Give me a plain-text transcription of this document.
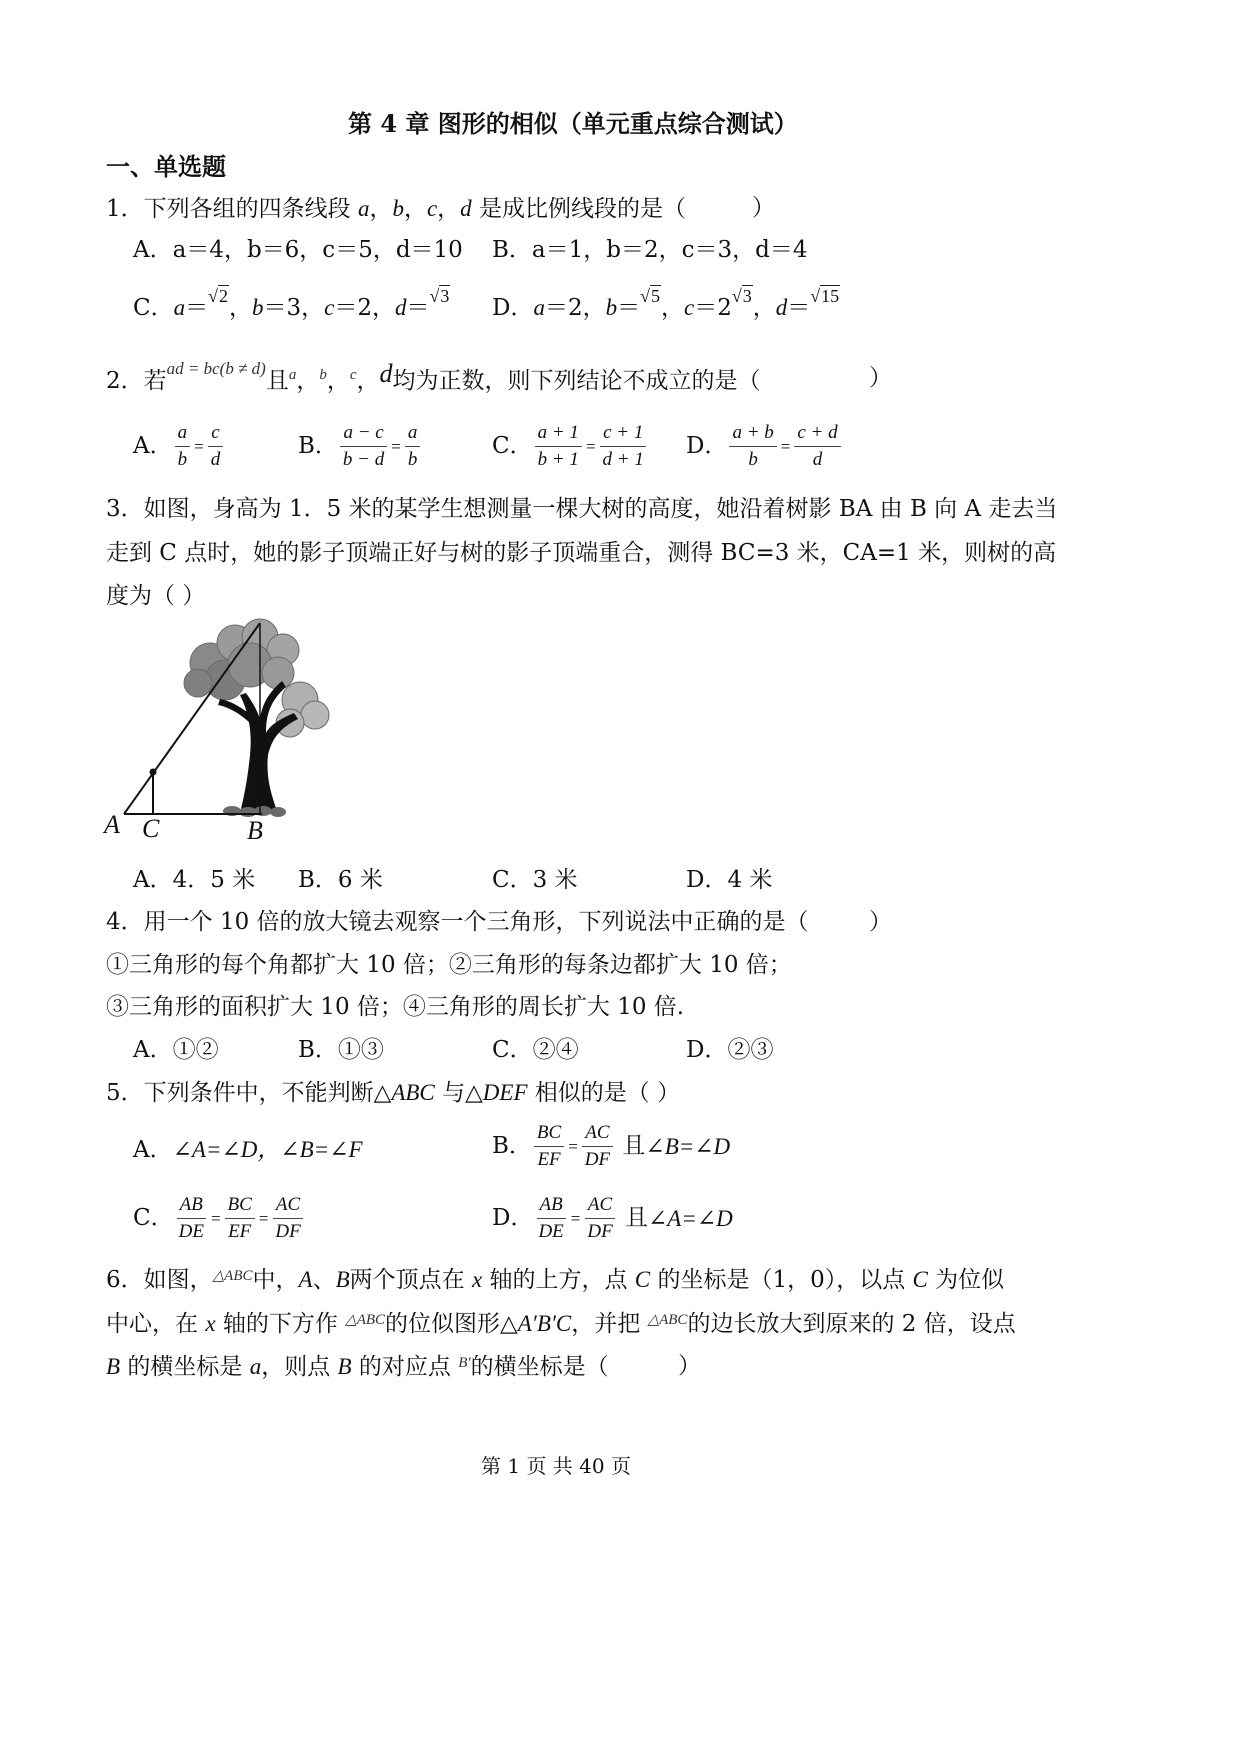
第 4 章 图形的相似（单元重点综合测试）
一、单选题
1．下列各组的四条线段 a，b，c，d 是成比例线段的是（	）
A．a＝4，b＝6，c＝5，d＝10 B．a＝1，b＝2，c＝3，d＝4
C．a＝$^{√2}$，b＝3，c＝2，d＝$^{√3}$ D．a＝2，b＝$^{√5}$，$c=2^{√3}$，d＝$^{√15}$
2．若$^{ad = bc(b \ne d)}$且$^a$，$^b$，$^c$，d均为正数，则下列结论不成立的是（	）
A． $\frac{a}{b} = \frac{c}{d}$	B． $\frac{a - c}{b - d} = \frac{a}{b}$	C． $\frac{a + 1}{b + 1} = \frac{c + 1}{d + 1}$ D． $\frac{a + b}{b} = \frac{c + d}{d}$
3．如图，身高为 1．5 米的某学生想测量一棵大树的高度，她沿着树影 BA 由 B 向 A 走去当
走到 C 点时，她的影子顶端正好与树的影子顶端重合，测得 BC=3 米，CA=1 米，则树的高
度为（ ）
A C	B
A．4．5 米 B．6 米	C．3 米	D．4 米
4．用一个 10 倍的放大镜去观察一个三角形，下列说法中正确的是（	）
①三角形的每个角都扩大 10 倍；②三角形的每条边都扩大 10 倍；
③三角形的面积扩大 10 倍；④三角形的周长扩大 10 倍.
A．①②	B．①③	C．②④	D．②③
5．下列条件中，不能判断△ABC 与△DEF 相似的是（ ）
A．∠A=∠D，∠B=∠F	B． $\frac{BC}{EF} = \frac{AC}{DF}$ 且∠B=∠D
C． $\frac{AB}{DE} = \frac{BC}{EF} = \frac{AC}{DF}$	D． $\frac{AB}{DE} = \frac{AC}{DF}$ 且∠A=∠D
6．如图，$^{\triangle ABC}$中，A、B两个顶点在 x 轴的上方，点 C 的坐标是（1，0），以点 C 为位似
中心，在 x 轴的下方作 $^{\triangle ABC}$的位似图形△A′B′C，并把 $^{\triangle ABC}$的边长放大到原来的 2 倍，设点
B 的横坐标是 a，则点 B 的对应点 $^{B'}$的横坐标是（	）
第 1 页 共 40 页
